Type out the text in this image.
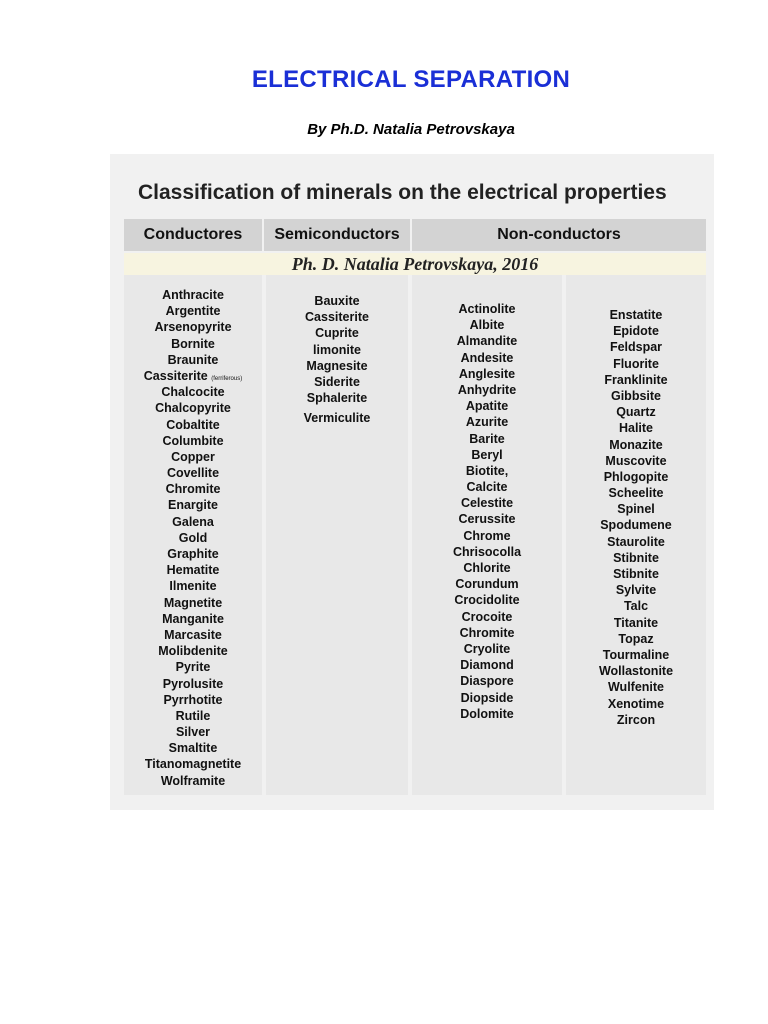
ELECTRICAL SEPARATION
By Ph.D. Natalia Petrovskaya
Classification of minerals on the electrical properties
Conductores	Semiconductors	Non-conductors
Ph. D. Natalia Petrovskaya, 2016
Anthracite
Argentite
Arsenopyrite
Bornite
Braunite
Cassiterite (ferriferous)
Chalcocite
Chalcopyrite
Cobaltite
Columbite
Copper
Covellite
Chromite
Enargite
Galena
Gold
Graphite
Hematite
Ilmenite
Magnetite
Manganite
Marcasite
Molibdenite
Pyrite
Pyrolusite
Pyrrhotite
Rutile
Silver
Smaltite
Titanomagnetite
Wolframite
Bauxite
Cassiterite
Cuprite
limonite
Magnesite
Siderite
Sphalerite
Vermiculite
Actinolite
Albite
Almandite
Andesite
Anglesite
Anhydrite
Apatite
Azurite
Barite
Beryl
Biotite,
Calcite
Celestite
Cerussite
Chrome
Chrisocolla
Chlorite
Corundum
Crocidolite
Crocoite
Chromite
Cryolite
Diamond
Diaspore
Diopside
Dolomite
Enstatite
Epidote
Feldspar
Fluorite
Franklinite
Gibbsite
Quartz
Halite
Monazite
Muscovite
Phlogopite
Scheelite
Spinel
Spodumene
Staurolite
Stibnite
Stibnite
Sylvite
Talc
Titanite
Topaz
Tourmaline
Wollastonite
Wulfenite
Xenotime
Zircon
